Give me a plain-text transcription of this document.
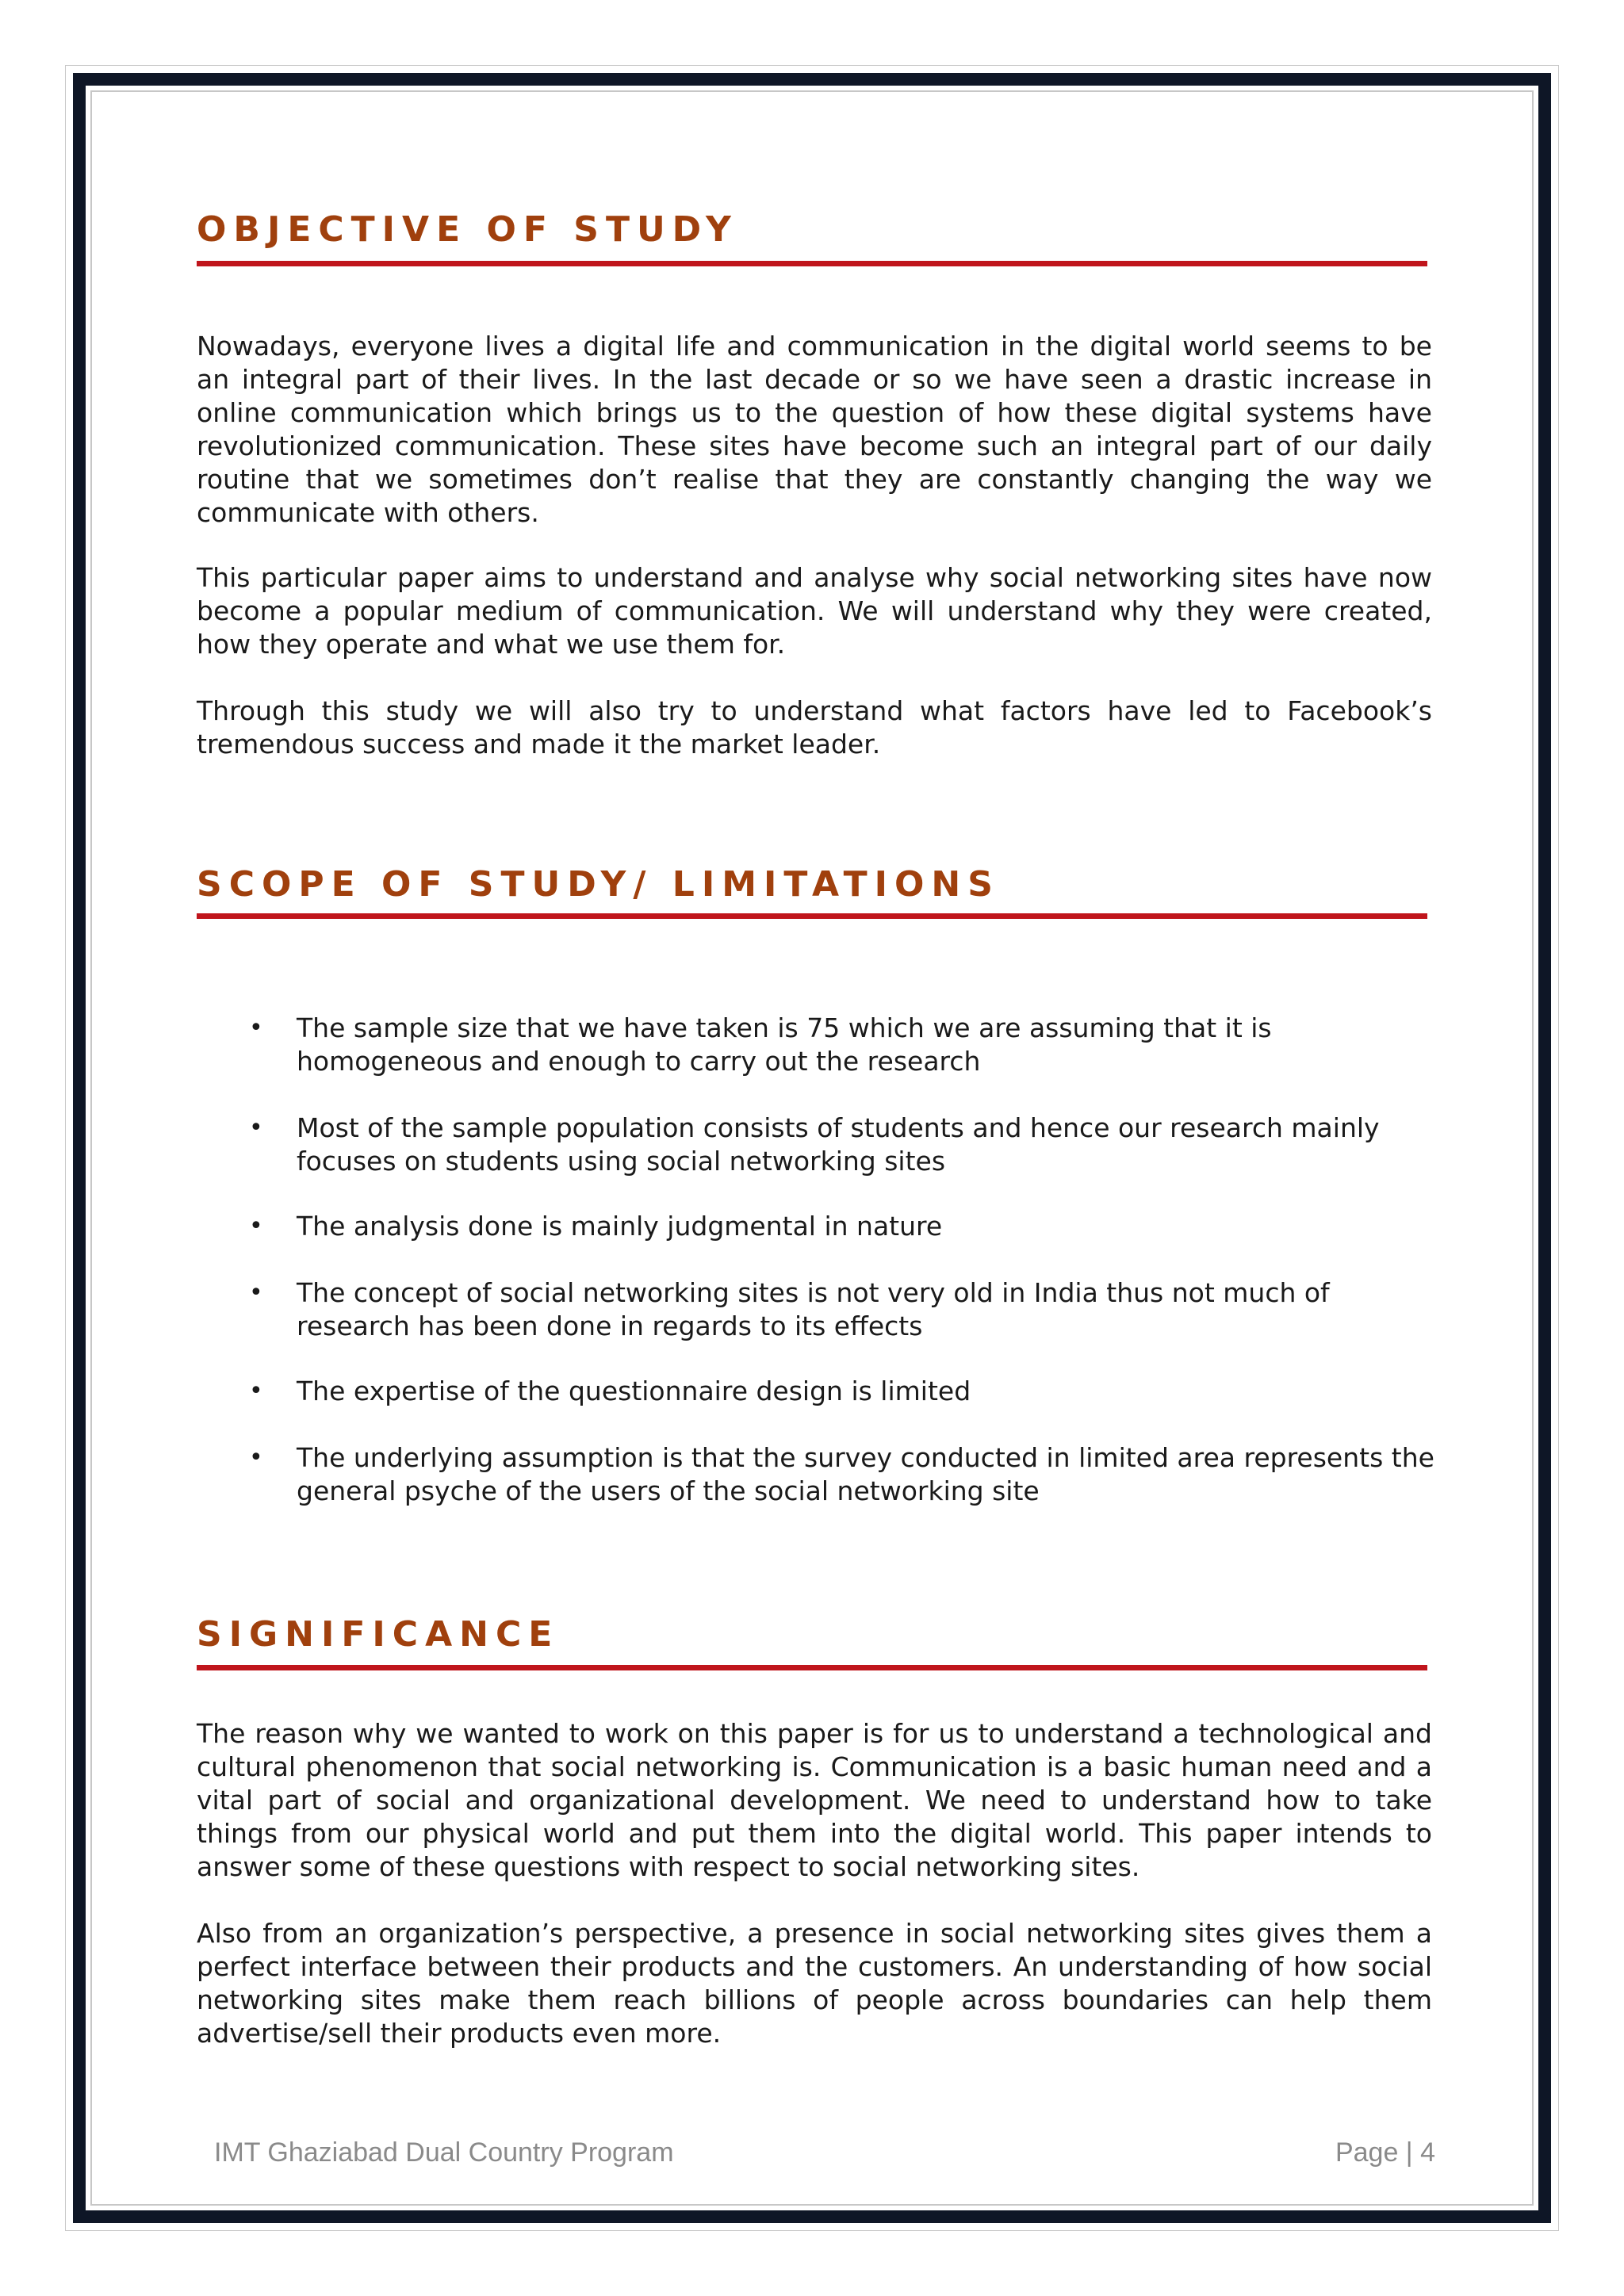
OBJECTIVE OF STUDY

Nowadays, everyone lives a digital life and communication in the digital world seems to be an integral part of their lives. In the last decade or so we have seen a drastic increase in online communication which brings us to the question of how these digital systems have revolutionized communication. These sites have become such an integral part of our daily routine that we sometimes don’t realise that they are constantly changing the way we communicate with others.

This particular paper aims to understand and analyse why social networking sites have now become a popular medium of communication. We will understand why they were created, how they operate and what we use them for.

Through this study we will also try to understand what factors have led to Facebook’s tremendous success and made it the market leader.

SCOPE OF STUDY/ LIMITATIONS
• The sample size that we have taken is 75 which we are assuming that it is homogeneous and enough to carry out the research
• Most of the sample population consists of students and hence our research mainly focuses on students using social networking sites
• The analysis done is mainly judgmental in nature
• The concept of social networking sites is not very old in India thus not much of research has been done in regards to its effects
• The expertise of the questionnaire design is limited
• The underlying assumption is that the survey conducted in limited area represents the general psyche of the users of the social networking site
SIGNIFICANCE

The reason why we wanted to work on this paper is for us to understand a technological and cultural phenomenon that social networking is. Communication is a basic human need and a vital part of social and organizational development. We need to understand how to take things from our physical world and put them into the digital world. This paper intends to answer some of these questions with respect to social networking sites.

Also from an organization’s perspective, a presence in social networking sites gives them a perfect interface between their products and the customers. An understanding of how social networking sites make them reach billions of people across boundaries can help them advertise/sell their products even more.

IMT Ghaziabad Dual Country Program	Page | 4
